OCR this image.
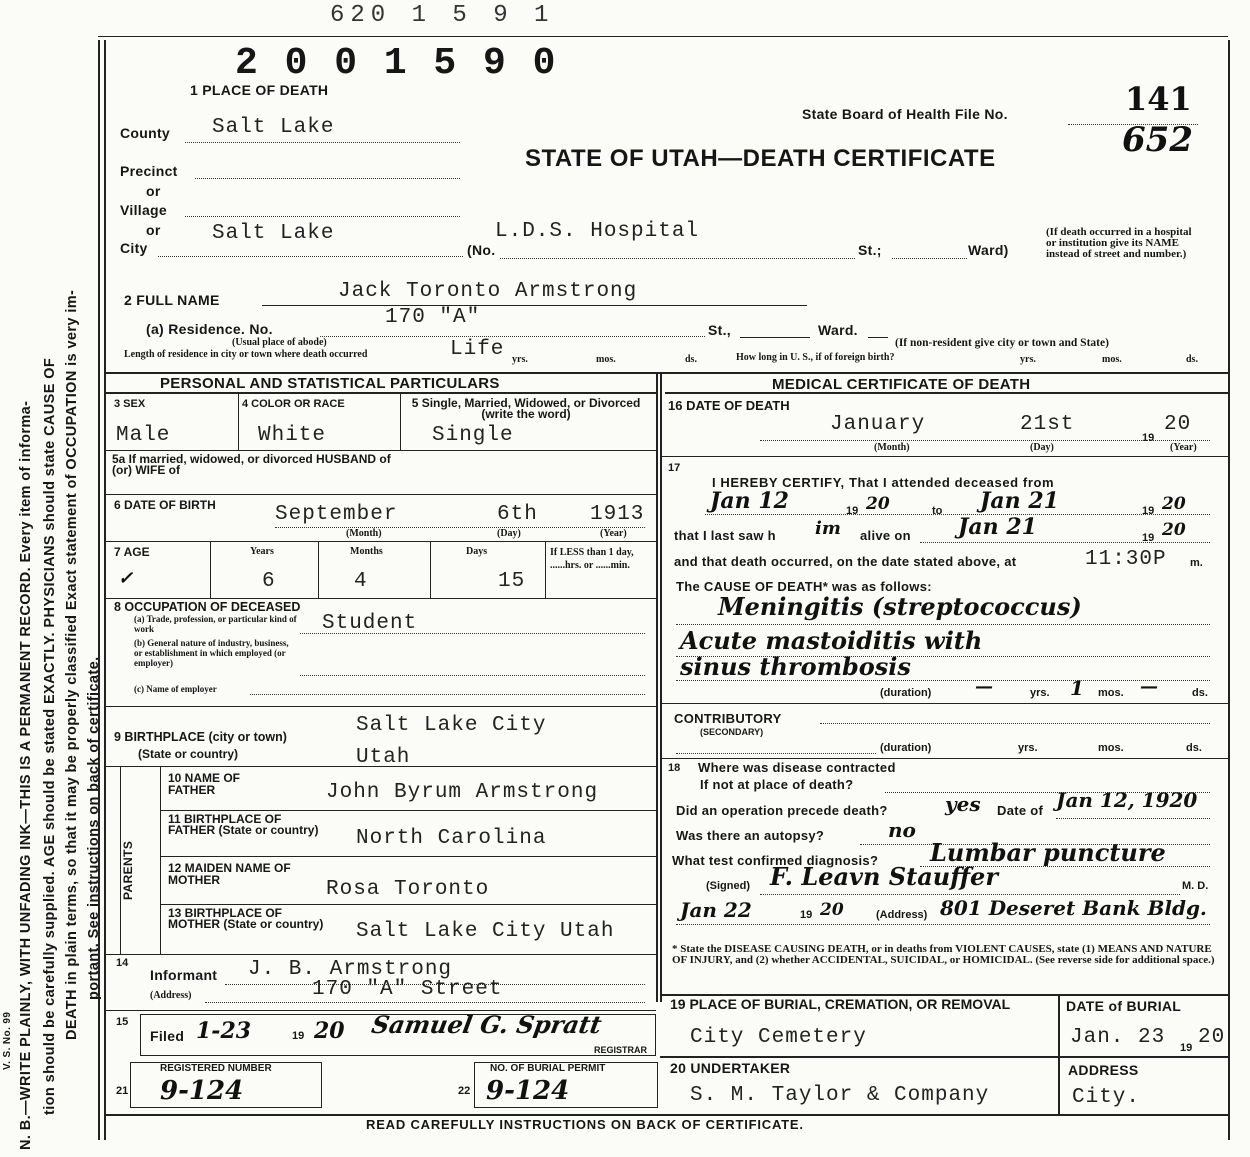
N. B.—WRITE PLAINLY, WITH UNFADING INK—THIS IS A PERMANENT RECORD. Every item of informa- tion should be carefully supplied. AGE should be stated EXACTLY. PHYSICIANS should state CAUSE OF DEATH in plain terms, so that it may be properly classified Exact statement of OCCUPATION is very im- portant. See instructions on back of certificate.
V. S. No. 99
620 1 5 9 1
2 0 0 1 5 9 0
1 PLACE OF DEATH
State Board of Health File No.	141
652
STATE OF UTAH—DEATH CERTIFICATE
County Salt Lake
Precinct
or
Village
or
City
Salt Lake
(No.
L.D.S. Hospital
St.;	Ward)
(If death occurred in a hospital or institution give its NAME instead of street and number.)
2 FULL NAME	Jack Toronto Armstrong
(a) Residence. No.	170 "A"
St.,	Ward.
(Usual place of abode)	(If non-resident give city or town and State)
Length of residence in city or town where death occurred	Life yrs.	mos.	ds.	How long in U. S., if of foreign birth?	yrs.	mos.	ds.
PERSONAL AND STATISTICAL PARTICULARS
3 SEX
Male
4 COLOR OR RACE
White
5 Single, Married, Widowed, or Divorced (write the word)
Single
5a If married, widowed, or divorced HUSBAND of (or) WIFE of
6 DATE OF BIRTH	September	6th 1913
(Month)	(Day)	(Year)
7 AGE	Years	Months	Days
✓	6	4	15
If LESS than 1 day, ......hrs. or ......min.
8 OCCUPATION OF DECEASED
(a) Trade, profession, or particular kind of work	Student
(b) General nature of industry, business, or establishment in which employed (or employer)
(c) Name of employer
9 BIRTHPLACE (city or town)	Salt Lake City
(State or country)	Utah
PARENTS
10 NAME OF FATHER	John Byrum Armstrong
11 BIRTHPLACE OF FATHER (State or country)	North Carolina
12 MAIDEN NAME OF MOTHER	Rosa Toronto
13 BIRTHPLACE OF MOTHER (State or country) Salt Lake City Utah
14
Informant J. B. Armstrong
(Address)	170 "A" Street
15
Filed 1-23	19 20 Samuel G. Spratt
REGISTRAR
21
REGISTERED NUMBER
9-124	22
NO. OF BURIAL PERMIT
9-124
MEDICAL CERTIFICATE OF DEATH
16 DATE OF DEATH
January	21st
19
20
(Month)	(Day)	(Year)
17
I HEREBY CERTIFY, That I attended deceased from
Jan 12	19 20	to Jan 21	19 20
that I last saw h im alive on Jan 21	19 20
and that death occurred, on the date stated above, at	11:30P m.
The CAUSE OF DEATH* was as follows:
Meningitis (streptococcus)
Acute mastoiditis with
sinus thrombosis
(duration) —	yrs. 1 mos. —	ds.
CONTRIBUTORY
(SECONDARY)
(duration)	yrs.	mos.	ds.
18 Where was disease contracted
If not at place of death?
Did an operation precede death?	yes Date of Jan 12, 1920
Was there an autopsy?	no
What test confirmed diagnosis? Lumbar puncture
(Signed) F. Leavn Stauffer	M. D.
Jan 22	19 20	(Address) 801 Deseret Bank Bldg.
* State the DISEASE CAUSING DEATH, or in deaths from VIOLENT CAUSES, state (1) MEANS AND NATURE OF INJURY, and (2) whether ACCIDENTAL, SUICIDAL, or HOMICIDAL. (See reverse side for additional space.)
19 PLACE OF BURIAL, CREMATION, OR REMOVAL
City Cemetery
DATE of BURIAL
Jan. 23 19 20
20 UNDERTAKER
S. M. Taylor & Company
ADDRESS
City.
READ CAREFULLY INSTRUCTIONS ON BACK OF CERTIFICATE.
